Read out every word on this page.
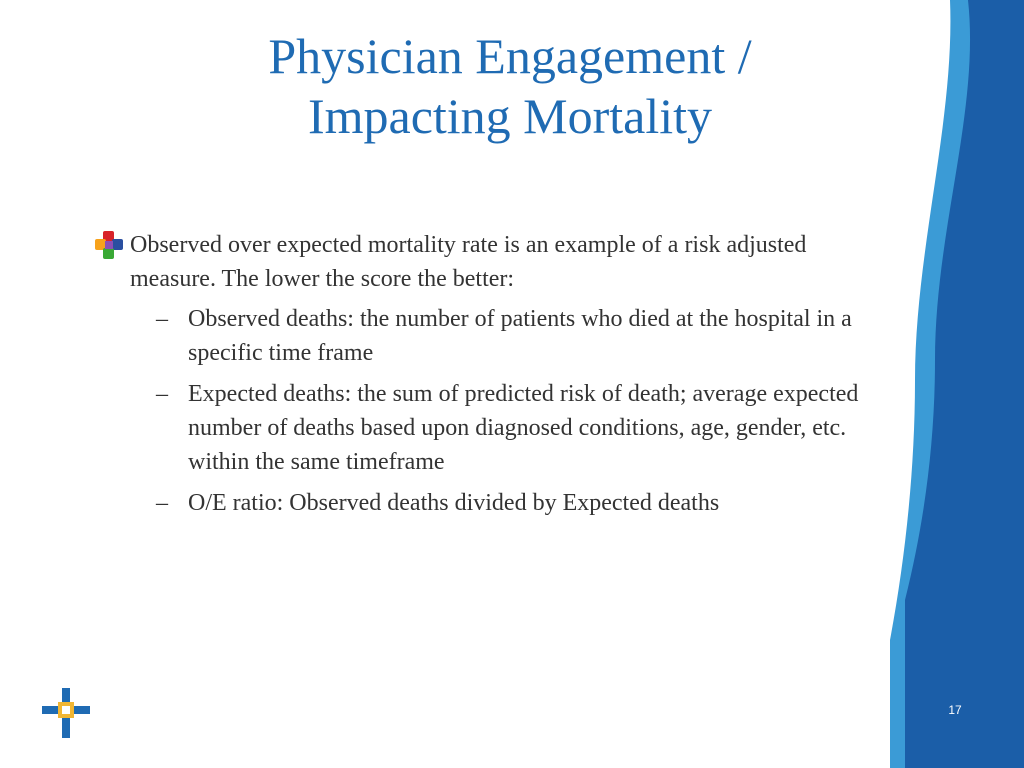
Physician Engagement /
Impacting Mortality

Observed over expected mortality rate is an example of a risk adjusted measure. The lower the score the better:

– Observed deaths: the number of patients who died at the hospital in a specific time frame
– Expected deaths: the sum of predicted risk of death; average expected number of deaths based upon diagnosed conditions, age, gender, etc. within the same timeframe
– O/E ratio: Observed deaths divided by Expected deaths
17
